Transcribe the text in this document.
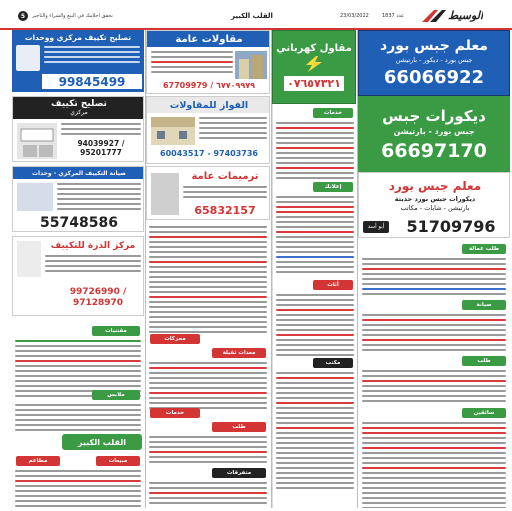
5 نحقق أحلامك في البيع والشراء والتأجير	القلب الكبير	23/03/2022	عدد 1837	الوسيط
معلم جبس بورد
جبس بورد - ديكور - بارتيشن
66066922
ديكورات جبس
جبس بورد - بارتيشن
66697170
معلم جبس بورد
ديكورات جبس بورد حديثة
بارتيشن - شابات - مكاتب
أبو أسد	51709796
طلب عمالة
صيانة
طلب
سائقين
مقاول كهرباني
٠٧٦٥٧٣٢١
خدمات
إعلانك
أثاث
مكتب
مقاولات عامة
67709979 / ٦٧٧٠٩٩٧٩
الفواز للمقاولات
60043517 - 97403736
ترميمات عامة
65832157
محركات
معدات ثقيلة
خدمات
طلب
متفرقات
تصليح تكييف مركزي ووحدات
99845499
تصليح تكييف
مركزي
94039927 / 95201777
صيانة التكييف المركزي - وحدات
55748586
مركز الدرة للتكييف
99726990 / 97128970
مقتنيات
ملابس
القلب الكبير
مطاعم	مبيعات
